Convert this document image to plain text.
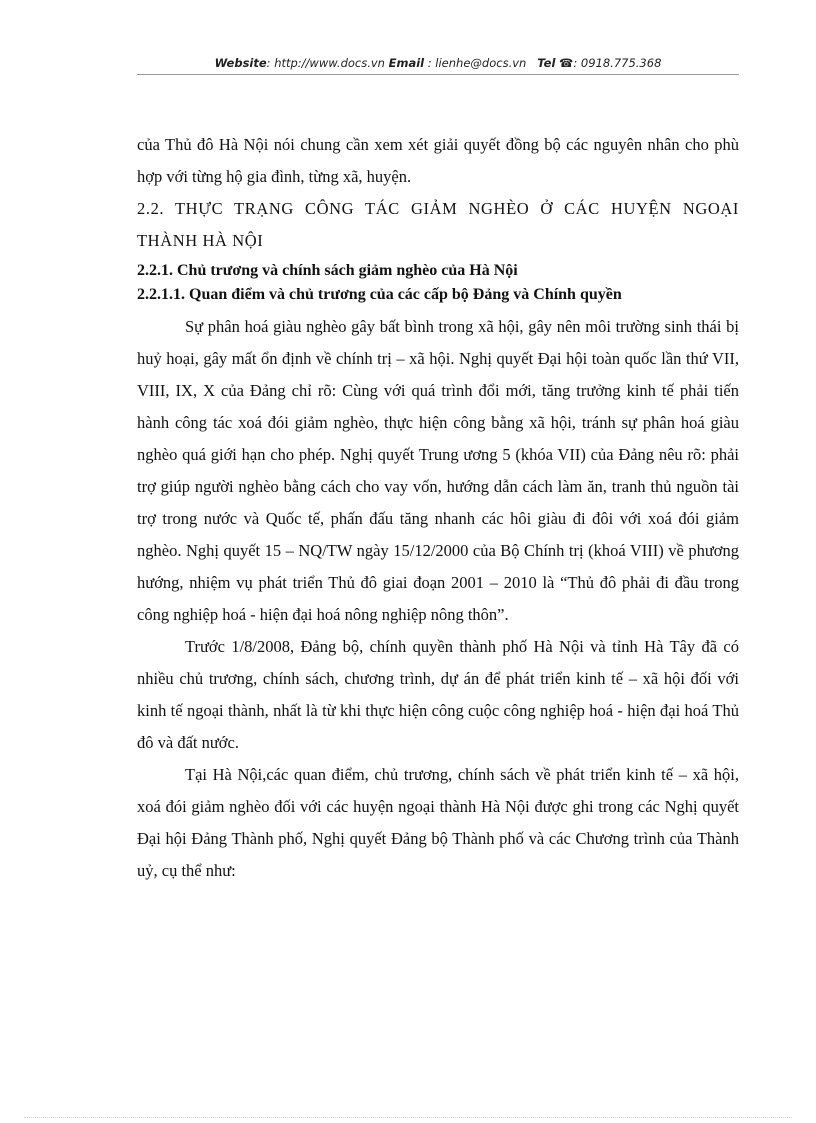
Website: http://www.docs.vn Email : lienhe@docs.vn Tel ☎: 0918.775.368

của Thủ đô Hà Nội nói chung cần xem xét giải quyết đồng bộ các nguyên nhân cho phù hợp với từng hộ gia đình, từng xã, huyện.

2.2. THỰC TRẠNG CÔNG TÁC GIẢM NGHÈO Ở CÁC HUYỆN NGOẠI THÀNH HÀ NỘI

2.2.1. Chủ trương và chính sách giảm nghèo của Hà Nội

2.2.1.1. Quan điểm và chủ trương của các cấp bộ Đảng và Chính quyền

Sự phân hoá giàu nghèo gây bất bình trong xã hội, gây nên môi trường sinh thái bị huỷ hoại, gây mất ổn định về chính trị – xã hội. Nghị quyết Đại hội toàn quốc lần thứ VII, VIII, IX, X của Đảng chỉ rõ: Cùng với quá trình đổi mới, tăng trưởng kinh tế phải tiến hành công tác xoá đói giảm nghèo, thực hiện công bằng xã hội, tránh sự phân hoá giàu nghèo quá giới hạn cho phép. Nghị quyết Trung ương 5 (khóa VII) của Đảng nêu rõ: phải trợ giúp người nghèo bằng cách cho vay vốn, hướng dẫn cách làm ăn, tranh thủ nguồn tài trợ trong nước và Quốc tế, phấn đấu tăng nhanh các hôi giàu đi đôi với xoá đói giảm nghèo. Nghị quyết 15 – NQ/TW ngày 15/12/2000 của Bộ Chính trị (khoá VIII) về phương hướng, nhiệm vụ phát triển Thủ đô giai đoạn 2001 – 2010 là “Thủ đô phải đi đầu trong công nghiệp hoá - hiện đại hoá nông nghiệp nông thôn”.

Trước 1/8/2008, Đảng bộ, chính quyền thành phố Hà Nội và tỉnh Hà Tây đã có nhiều chủ trương, chính sách, chương trình, dự án để phát triển kinh tế – xã hội đối với kinh tế ngoại thành, nhất là từ khi thực hiện công cuộc công nghiệp hoá - hiện đại hoá Thủ đô và đất nước.

Tại Hà Nội,các quan điểm, chủ trương, chính sách về phát triển kinh tế – xã hội, xoá đói giảm nghèo đối với các huyện ngoại thành Hà Nội được ghi trong các Nghị quyết Đại hội Đảng Thành phố, Nghị quyết Đảng bộ Thành phố và các Chương trình của Thành uỷ, cụ thể như:
